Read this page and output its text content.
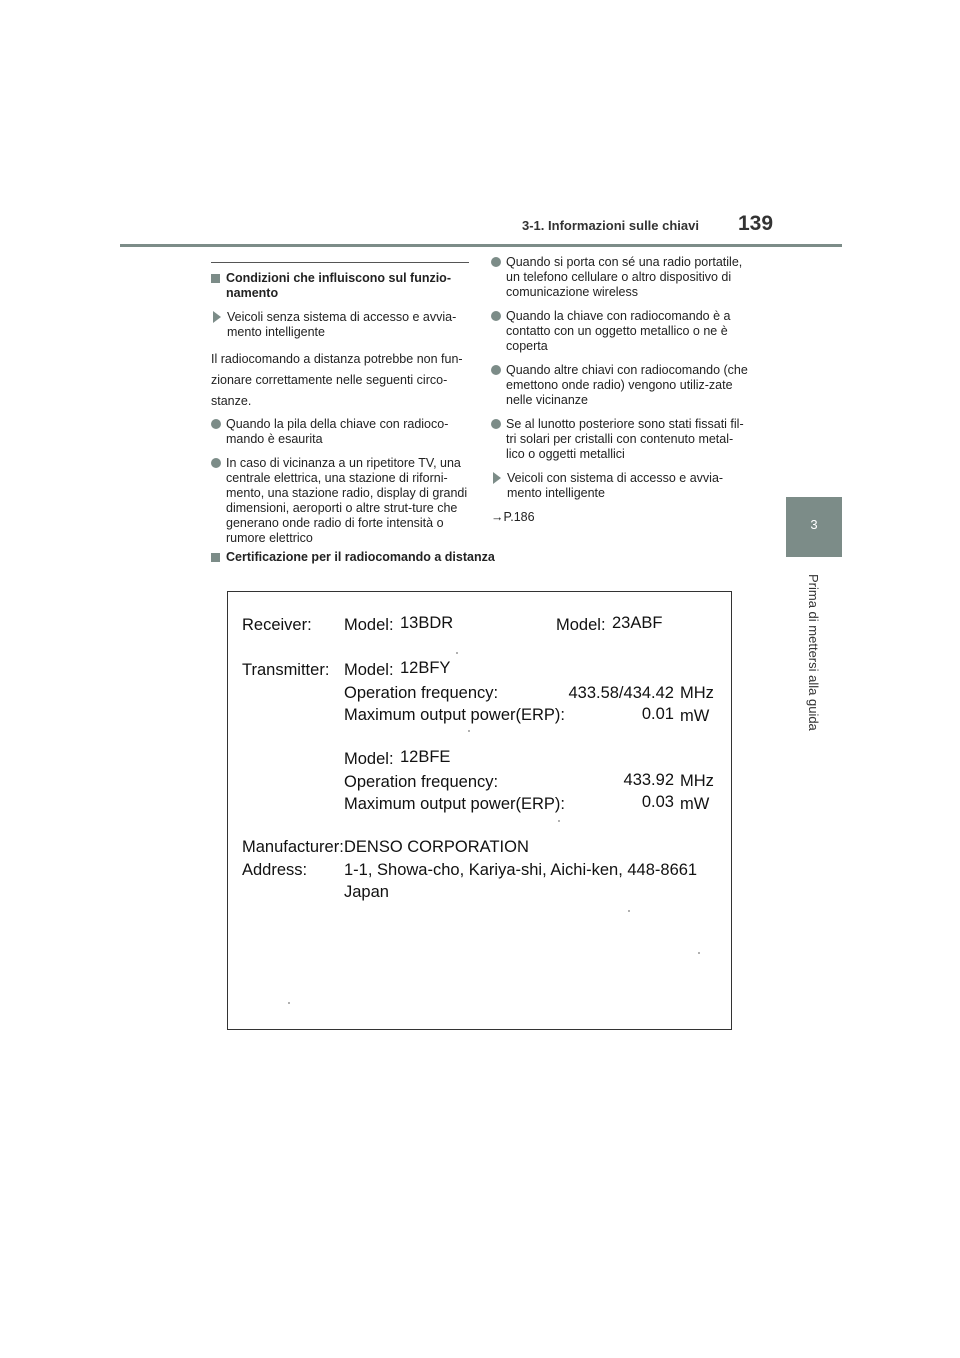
3-1. Informazioni sulle chiavi 139
3
Prima di mettersi alla guida
Condizioni che influiscono sul funzio-namento
Veicoli senza sistema di accesso e avvia-mento intelligente

Il radiocomando a distanza potrebbe non fun-
zionare correttamente nelle seguenti circo-
stanze.

Quando la pila della chiave con radioco-mando è esaurita
In caso di vicinanza a un ripetitore TV, una centrale elettrica, una stazione di riforni-mento, una stazione radio, display di grandi dimensioni, aeroporti o altre strut-ture che generano onde radio di forte intensità o rumore elettrico
Quando si porta con sé una radio portatile, un telefono cellulare o altro dispositivo di comunicazione wireless
Quando la chiave con radiocomando è a contatto con un oggetto metallico o ne è coperta
Quando altre chiavi con radiocomando (che emettono onde radio) vengono utiliz-zate nelle vicinanze
Se al lunotto posteriore sono stati fissati fil-tri solari per cristalli con contenuto metal-lico o oggetti metallici
Veicoli con sistema di accesso e avvia-mento intelligente
→P.186
Certificazione per il radiocomando a distanza
Receiver: Model: 13BDR	Model: 23ABF
Transmitter: Model: 12BFY
Operation frequency:	433.58/434.42 MHz
Maximum output power(ERP):	0.01 mW
Model: 12BFE
Operation frequency:	433.92 MHz
Maximum output power(ERP):	0.03 mW
Manufacturer: DENSO CORPORATION
Address: 1-1, Showa-cho, Kariya-shi, Aichi-ken, 448-8661
Japan
